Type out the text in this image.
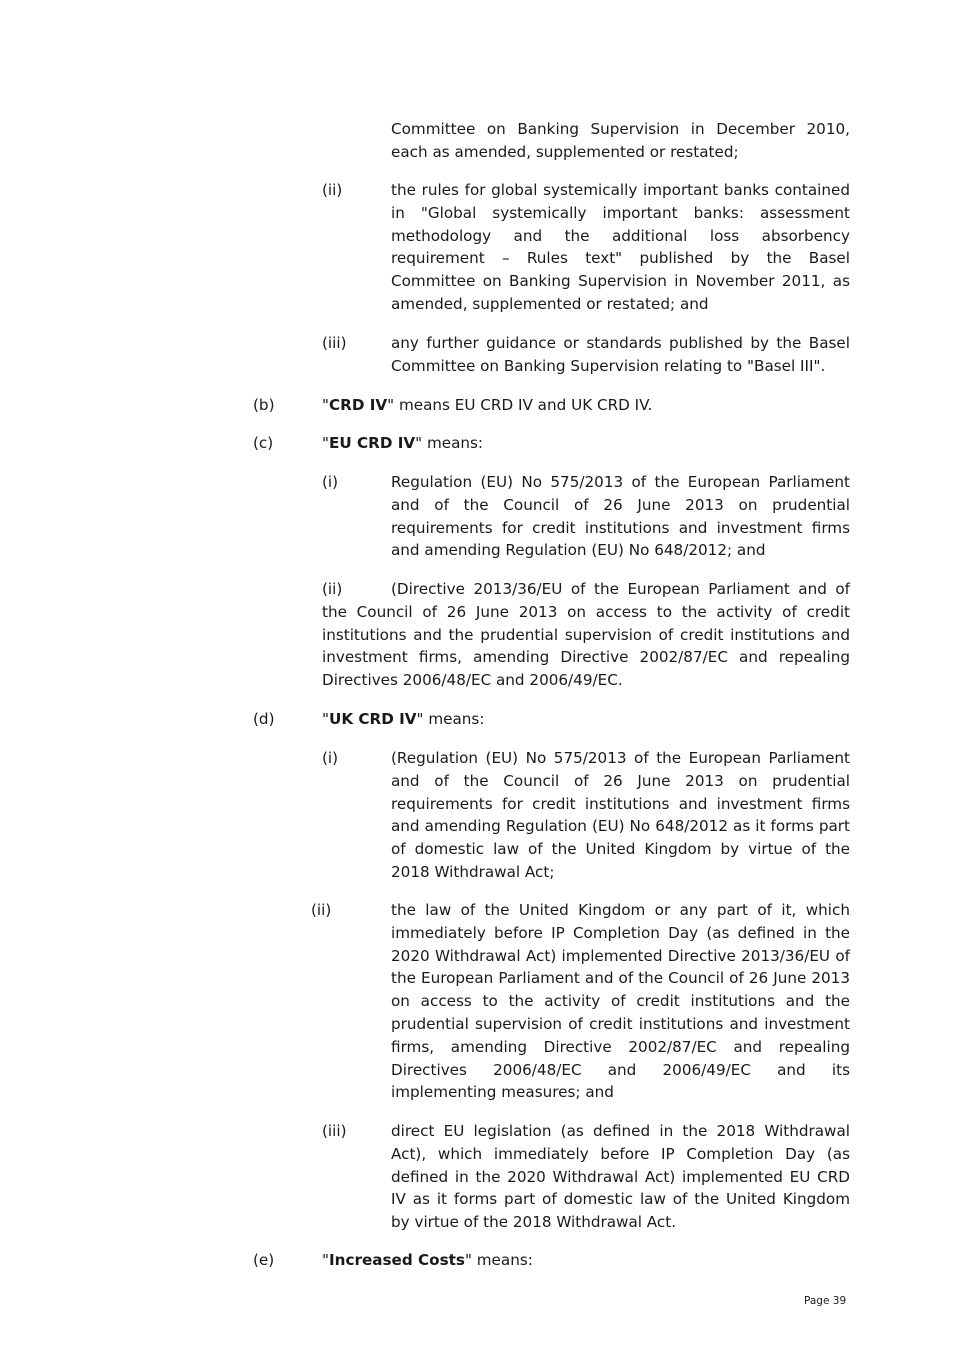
Committee on Banking Supervision in December 2010, each as amended, supplemented or restated;

(ii)	the rules for global systemically important banks contained in "Global systemically important banks: assessment methodology and the additional loss absorbency requirement – Rules text" published by the Basel Committee on Banking Supervision in November 2011, as amended, supplemented or restated; and

(iii)	any further guidance or standards published by the Basel Committee on Banking Supervision relating to "Basel III".

(b)	"CRD IV" means EU CRD IV and UK CRD IV.

(c)	"EU CRD IV" means:

(i)	Regulation (EU) No 575/2013 of the European Parliament and of the Council of 26 June 2013 on prudential requirements for credit institutions and investment firms and amending Regulation (EU) No 648/2012; and

(ii)	(Directive 2013/36/EU of the European Parliament and of the Council of 26 June 2013 on access to the activity of credit institutions and the prudential supervision of credit institutions and investment firms, amending Directive 2002/87/EC and repealing Directives 2006/48/EC and 2006/49/EC.

(d)	"UK CRD IV" means:

(i)	(Regulation (EU) No 575/2013 of the European Parliament and of the Council of 26 June 2013 on prudential requirements for credit institutions and investment firms and amending Regulation (EU) No 648/2012 as it forms part of domestic law of the United Kingdom by virtue of the 2018 Withdrawal Act;

(ii)	the law of the United Kingdom or any part of it, which immediately before IP Completion Day (as defined in the 2020 Withdrawal Act) implemented Directive 2013/36/EU of the European Parliament and of the Council of 26 June 2013 on access to the activity of credit institutions and the prudential supervision of credit institutions and investment firms, amending Directive 2002/87/EC and repealing Directives 2006/48/EC and 2006/49/EC and its implementing measures; and

(iii)	direct EU legislation (as defined in the 2018 Withdrawal Act), which immediately before IP Completion Day (as defined in the 2020 Withdrawal Act) implemented EU CRD IV as it forms part of domestic law of the United Kingdom by virtue of the 2018 Withdrawal Act.

(e)	"Increased Costs" means:

Page 39
